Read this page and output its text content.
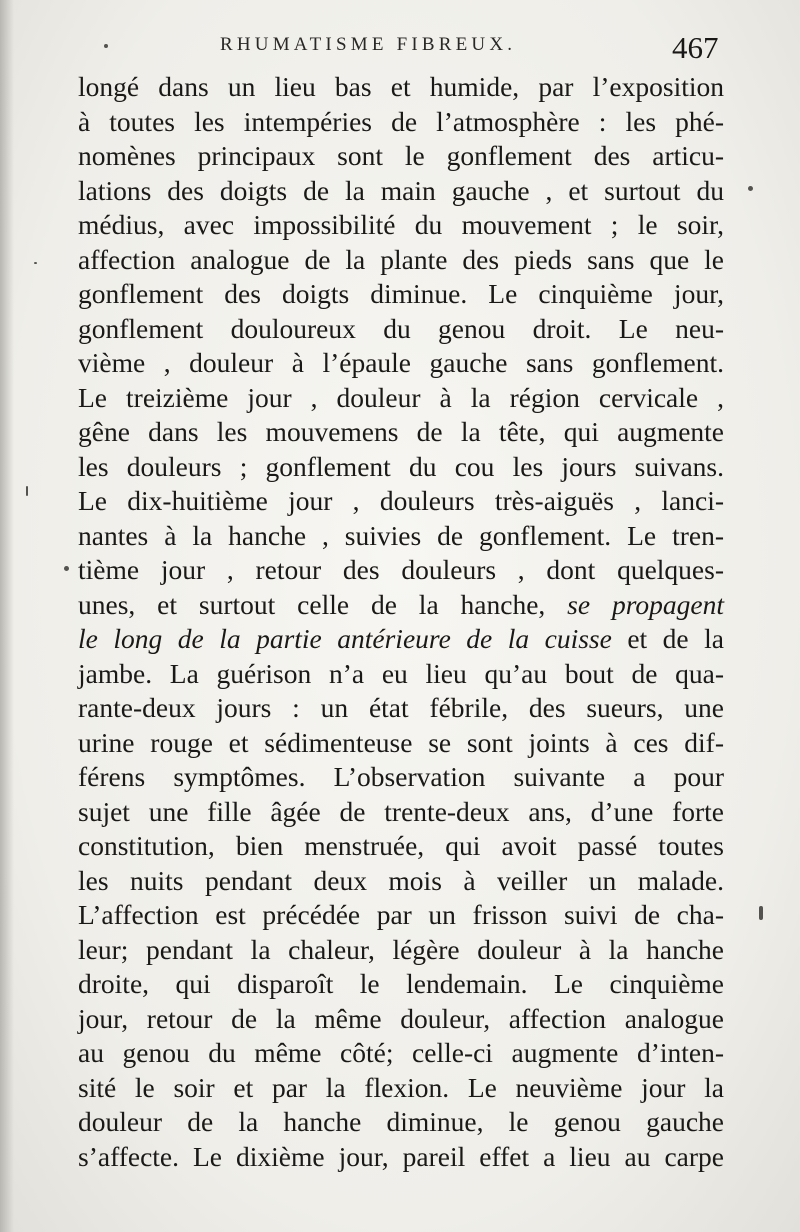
RHUMATISME FIBREUX.	467
longé dans un lieu bas et humide, par l’exposition
à toutes les intempéries de l’atmosphère : les phé-
nomènes principaux sont le gonflement des articu-
lations des doigts de la main gauche , et surtout du
médius, avec impossibilité du mouvement ; le soir,
affection analogue de la plante des pieds sans que le
gonflement des doigts diminue. Le cinquième jour,
gonflement douloureux du genou droit. Le neu-
vième , douleur à l’épaule gauche sans gonflement.
Le treizième jour , douleur à la région cervicale ,
gêne dans les mouvemens de la tête, qui augmente
les douleurs ; gonflement du cou les jours suivans.
Le dix-huitième jour , douleurs très-aiguës , lanci-
nantes à la hanche , suivies de gonflement. Le tren-
tième jour , retour des douleurs , dont quelques-
unes, et surtout celle de la hanche, se propagent
le long de la partie antérieure de la cuisse et de la
jambe. La guérison n’a eu lieu qu’au bout de qua-
rante-deux jours : un état fébrile, des sueurs, une
urine rouge et sédimenteuse se sont joints à ces dif-
férens symptômes. L’observation suivante a pour
sujet une fille âgée de trente-deux ans, d’une forte
constitution, bien menstruée, qui avoit passé toutes
les nuits pendant deux mois à veiller un malade.
L’affection est précédée par un frisson suivi de cha-
leur; pendant la chaleur, légère douleur à la hanche
droite, qui disparoît le lendemain. Le cinquième
jour, retour de la même douleur, affection analogue
au genou du même côté; celle-ci augmente d’inten-
sité le soir et par la flexion. Le neuvième jour la
douleur de la hanche diminue, le genou gauche
s’affecte. Le dixième jour, pareil effet a lieu au carpe
